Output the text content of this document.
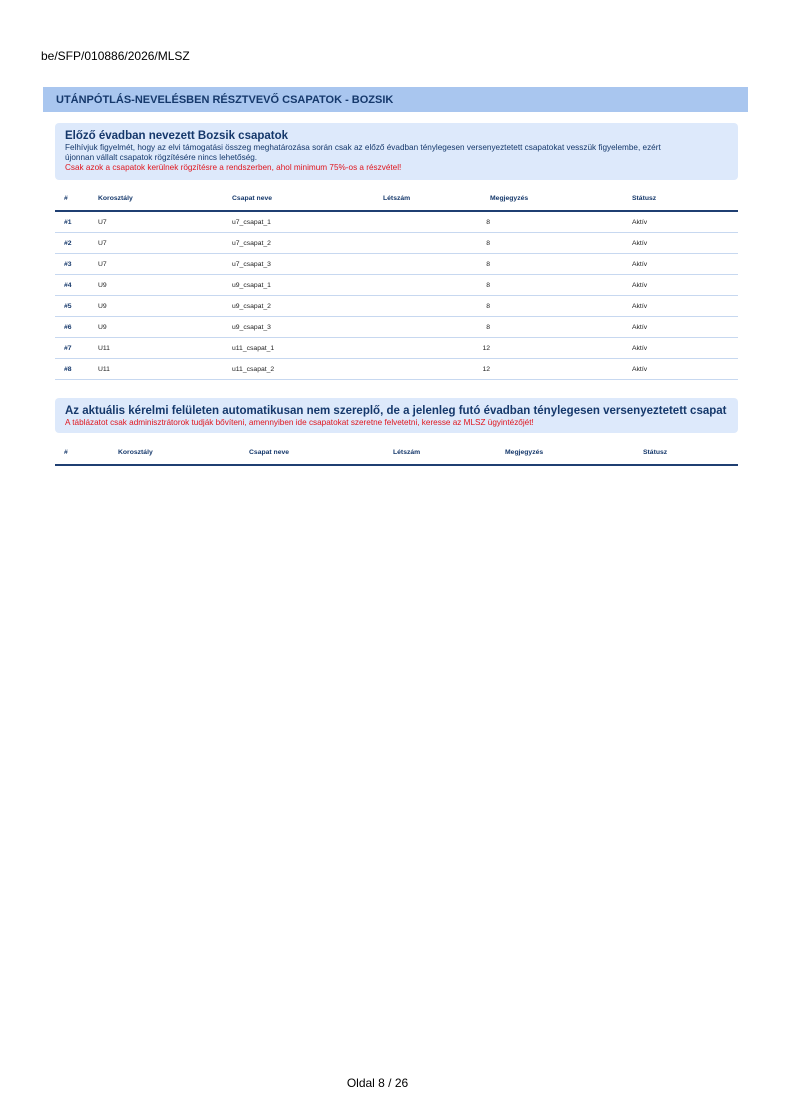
be/SFP/010886/2026/MLSZ
UTÁNPÓTLÁS-NEVELÉSBEN RÉSZTVEVŐ CSAPATOK - BOZSIK
Előző évadban nevezett Bozsik csapatok
Felhívjuk figyelmét, hogy az elvi támogatási összeg meghatározása során csak az előző évadban ténylegesen versenyeztetett csapatokat vesszük figyelembe, ezért
újonnan vállalt csapatok rögzítésére nincs lehetőség.
Csak azok a csapatok kerülnek rögzítésre a rendszerben, ahol minimum 75%-os a részvétel!
#	Korosztály	Csapat neve	Létszám	Megjegyzés	Státusz
#1	U7	u7_csapat_1	8		Aktív
#2	U7	u7_csapat_2	8		Aktív
#3	U7	u7_csapat_3	8		Aktív
#4	U9	u9_csapat_1	8		Aktív
#5	U9	u9_csapat_2	8		Aktív
#6	U9	u9_csapat_3	8		Aktív
#7	U11	u11_csapat_1	12		Aktív
#8	U11	u11_csapat_2	12		Aktív
Az aktuális kérelmi felületen automatikusan nem szereplő, de a jelenleg futó évadban ténylegesen versenyeztetett csapat
A táblázatot csak adminisztrátorok tudják bővíteni, amennyiben ide csapatokat szeretne felvetetni, keresse az MLSZ ügyintézőjét!
#	Korosztály	Csapat neve	Létszám	Megjegyzés	Státusz
Oldal 8 / 26
